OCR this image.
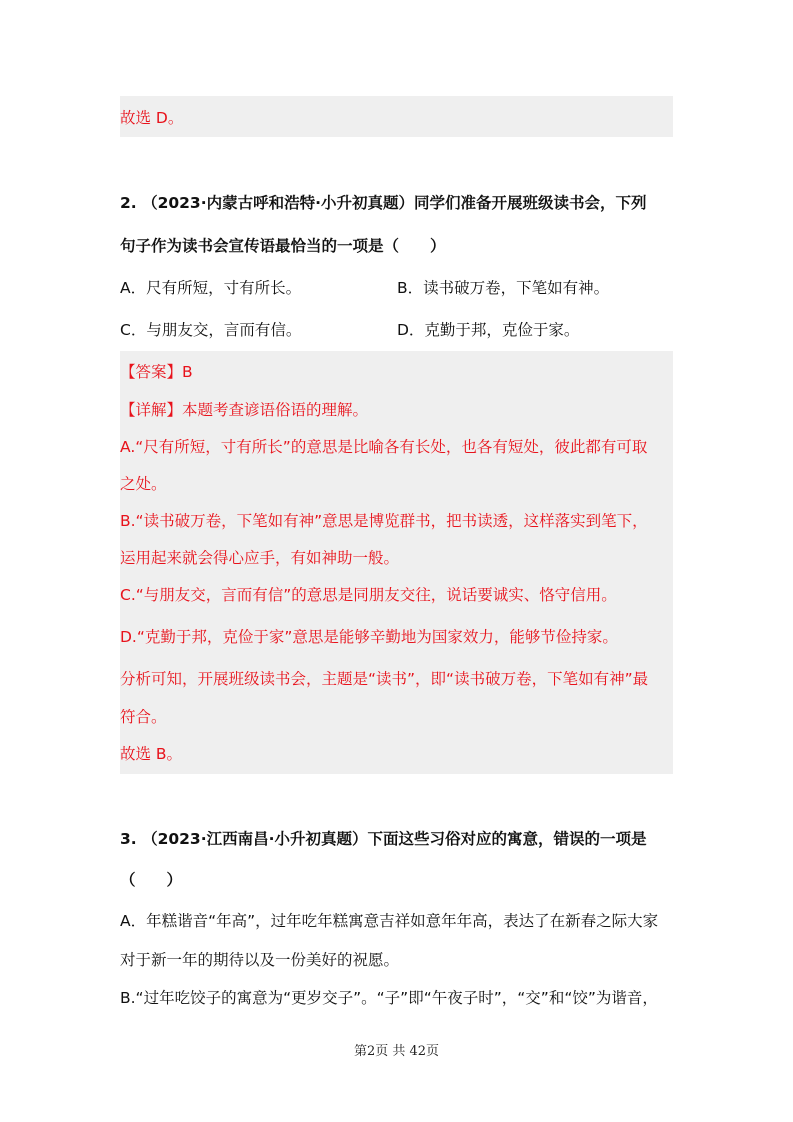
故选 D。
2. （2023·内蒙古呼和浩特·小升初真题）同学们准备开展班级读书会，下列
句子作为读书会宣传语最恰当的一项是（　　）
A．尺有所短，寸有所长。	B．读书破万卷，下笔如有神。
C．与朋友交，言而有信。	D．克勤于邦，克俭于家。
【答案】B
【详解】本题考查谚语俗语的理解。
A.“尺有所短，寸有所长”的意思是比喻各有长处，也各有短处，彼此都有可取
之处。
B.“读书破万卷，下笔如有神”意思是博览群书，把书读透，这样落实到笔下，
运用起来就会得心应手，有如神助一般。
C.“与朋友交，言而有信”的意思是同朋友交往，说话要诚实、恪守信用。
D.“克勤于邦，克俭于家”意思是能够辛勤地为国家效力，能够节俭持家。
分析可知，开展班级读书会，主题是“读书”，即“读书破万卷，下笔如有神”最
符合。
故选 B。
3. （2023·江西南昌·小升初真题）下面这些习俗对应的寓意，错误的一项是
（　　）
A．年糕谐音“年高”，过年吃年糕寓意吉祥如意年年高，表达了在新春之际大家
对于新一年的期待以及一份美好的祝愿。
B.“过年吃饺子的寓意为“更岁交子”。“子”即“午夜子时”，“交”和“饺”为谐音，
第2页 共 42页
